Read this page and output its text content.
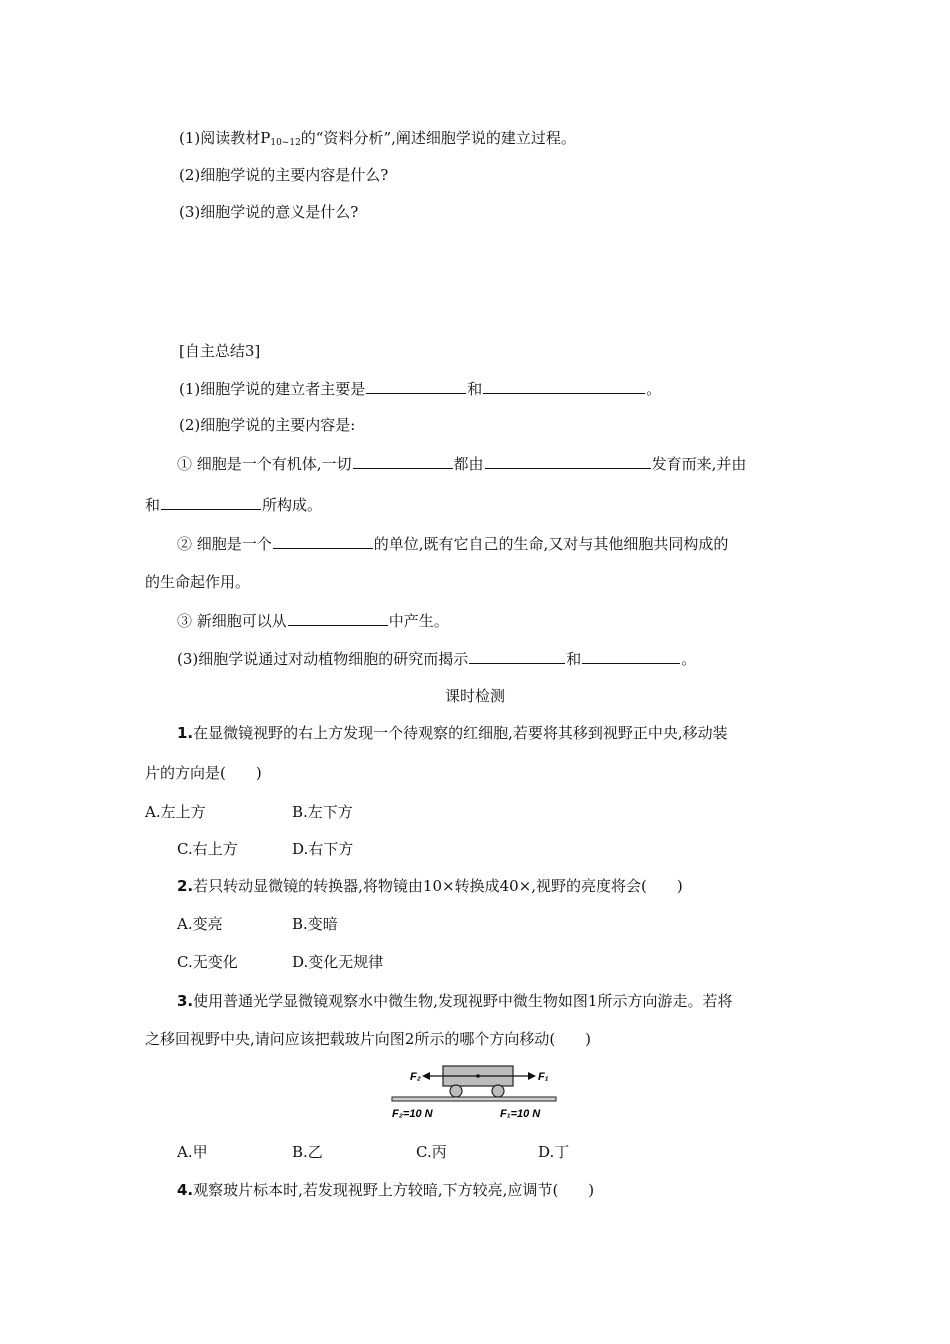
(1)阅读教材$P_{10\sim 12}$的“资料分析”,阐述细胞学说的建立过程。
(2)细胞学说的主要内容是什么?
(3)细胞学说的意义是什么?
[自主总结3]
(1)细胞学说的建立者主要是	和	。
(2)细胞学说的主要内容是:
① 细胞是一个有机体,一切	都由	发育而来,并由
和	所构成。
② 细胞是一个	的单位,既有它自己的生命,又对与其他细胞共同构成的
的生命起作用。
③ 新细胞可以从	中产生。
(3)细胞学说通过对动植物细胞的研究而揭示	和	。
课时检测
1.在显微镜视野的右上方发现一个待观察的红细胞,若要将其移到视野正中央,移动装
片的方向是(　　)
A.左上方	B.左下方
C.右上方	D.右下方
2.若只转动显微镜的转换器,将物镜由10×转换成40×,视野的亮度将会(　　)
A.变亮	B.变暗
C.无变化	D.变化无规律
3.使用普通光学显微镜观察水中微生物,发现视野中微生物如图1所示方向游走。若将
之移回视野中央,请问应该把载玻片向图2所示的哪个方向移动(　　)
F₂	F₁
F₂=10 N	F₁=10 N
A.甲	B.乙	C.丙	D.丁
4.观察玻片标本时,若发现视野上方较暗,下方较亮,应调节(　　)
